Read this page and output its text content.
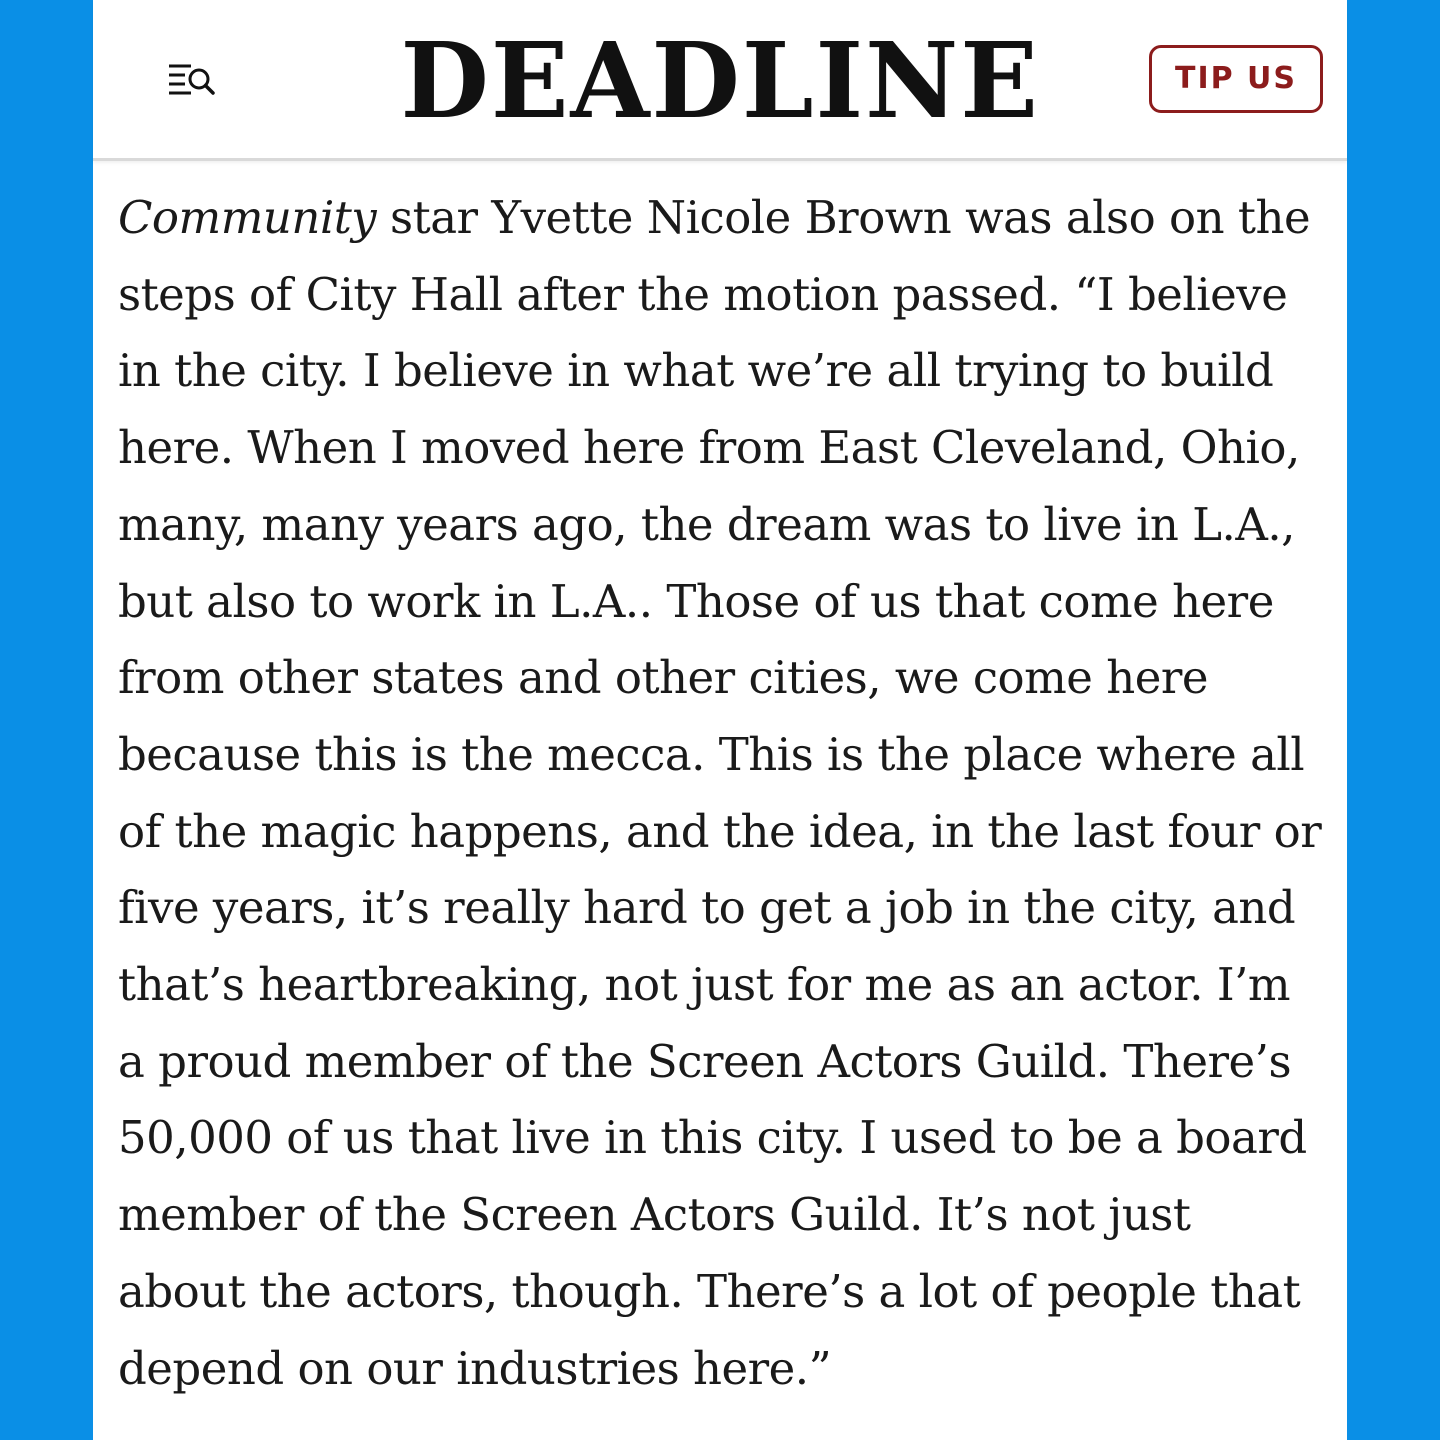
DEADLINE	TIP US
Community star Yvette Nicole Brown was also on the
steps of City Hall after the motion passed. “I believe
in the city. I believe in what we’re all trying to build
here. When I moved here from East Cleveland, Ohio,
many, many years ago, the dream was to live in L.A.,
but also to work in L.A.. Those of us that come here
from other states and other cities, we come here
because this is the mecca. This is the place where all
of the magic happens, and the idea, in the last four or
five years, it’s really hard to get a job in the city, and
that’s heartbreaking, not just for me as an actor. I’m
a proud member of the Screen Actors Guild. There’s
50,000 of us that live in this city. I used to be a board
member of the Screen Actors Guild. It’s not just
about the actors, though. There’s a lot of people that
depend on our industries here.”
